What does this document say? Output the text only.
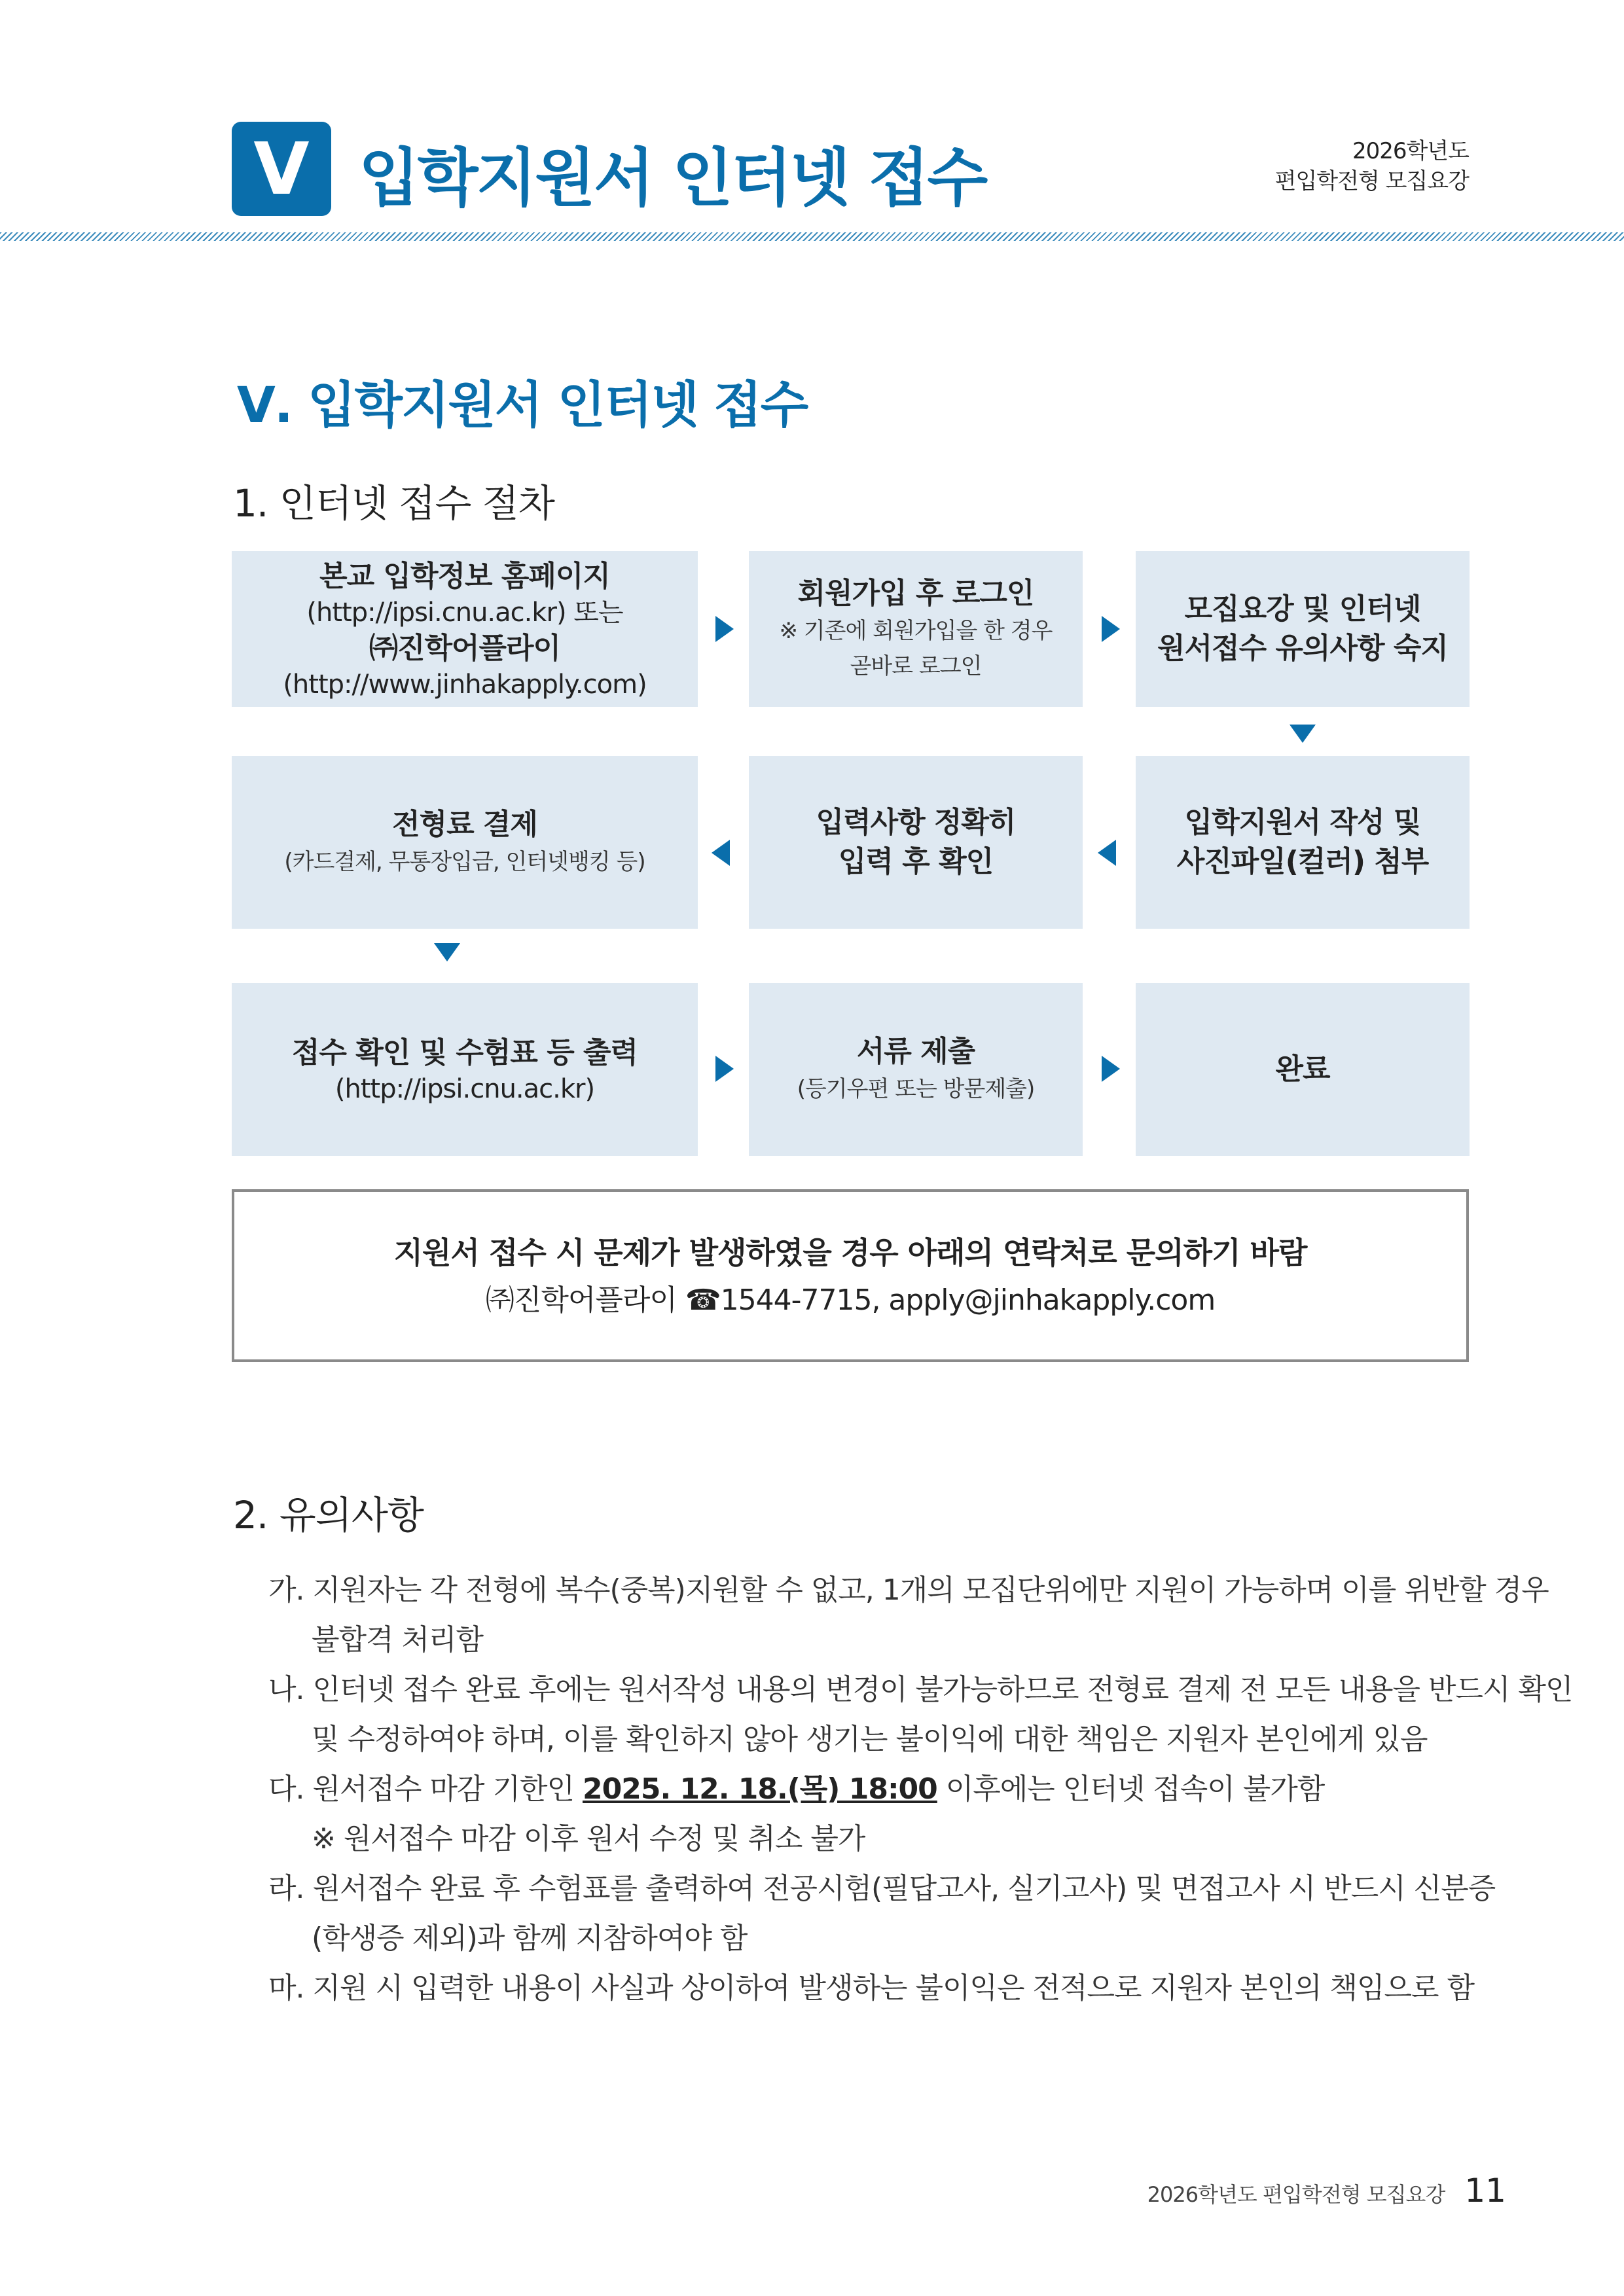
V 입학지원서 인터넷 접수	2026학년도
편입학전형 모집요강
Ⅴ. 입학지원서 인터넷 접수
1. 인터넷 접수 절차
본교 입학정보 홈페이지
(http://ipsi.cnu.ac.kr) 또는
㈜진학어플라이
(http://www.jinhakapply.com)
회원가입 후 로그인
※ 기존에 회원가입을 한 경우
곧바로 로그인
모집요강 및 인터넷
원서접수 유의사항 숙지
전형료 결제
(카드결제, 무통장입금, 인터넷뱅킹 등)
입력사항 정확히
입력 후 확인
입학지원서 작성 및
사진파일(컬러) 첨부
접수 확인 및 수험표 등 출력
(http://ipsi.cnu.ac.kr)
서류 제출
(등기우편 또는 방문제출)
완료
지원서 접수 시 문제가 발생하였을 경우 아래의 연락처로 문의하기 바람
㈜진학어플라이 ☎1544-7715, apply@jinhakapply.com
2. 유의사항
가. 지원자는 각 전형에 복수(중복)지원할 수 없고, 1개의 모집단위에만 지원이 가능하며 이를 위반할 경우
불합격 처리함
나. 인터넷 접수 완료 후에는 원서작성 내용의 변경이 불가능하므로 전형료 결제 전 모든 내용을 반드시 확인
및 수정하여야 하며, 이를 확인하지 않아 생기는 불이익에 대한 책임은 지원자 본인에게 있음
다. 원서접수 마감 기한인 2025. 12. 18.(목) 18:00 이후에는 인터넷 접속이 불가함
※ 원서접수 마감 이후 원서 수정 및 취소 불가
라. 원서접수 완료 후 수험표를 출력하여 전공시험(필답고사, 실기고사) 및 면접고사 시 반드시 신분증
(학생증 제외)과 함께 지참하여야 함
마. 지원 시 입력한 내용이 사실과 상이하여 발생하는 불이익은 전적으로 지원자 본인의 책임으로 함
2026학년도 편입학전형 모집요강 11
